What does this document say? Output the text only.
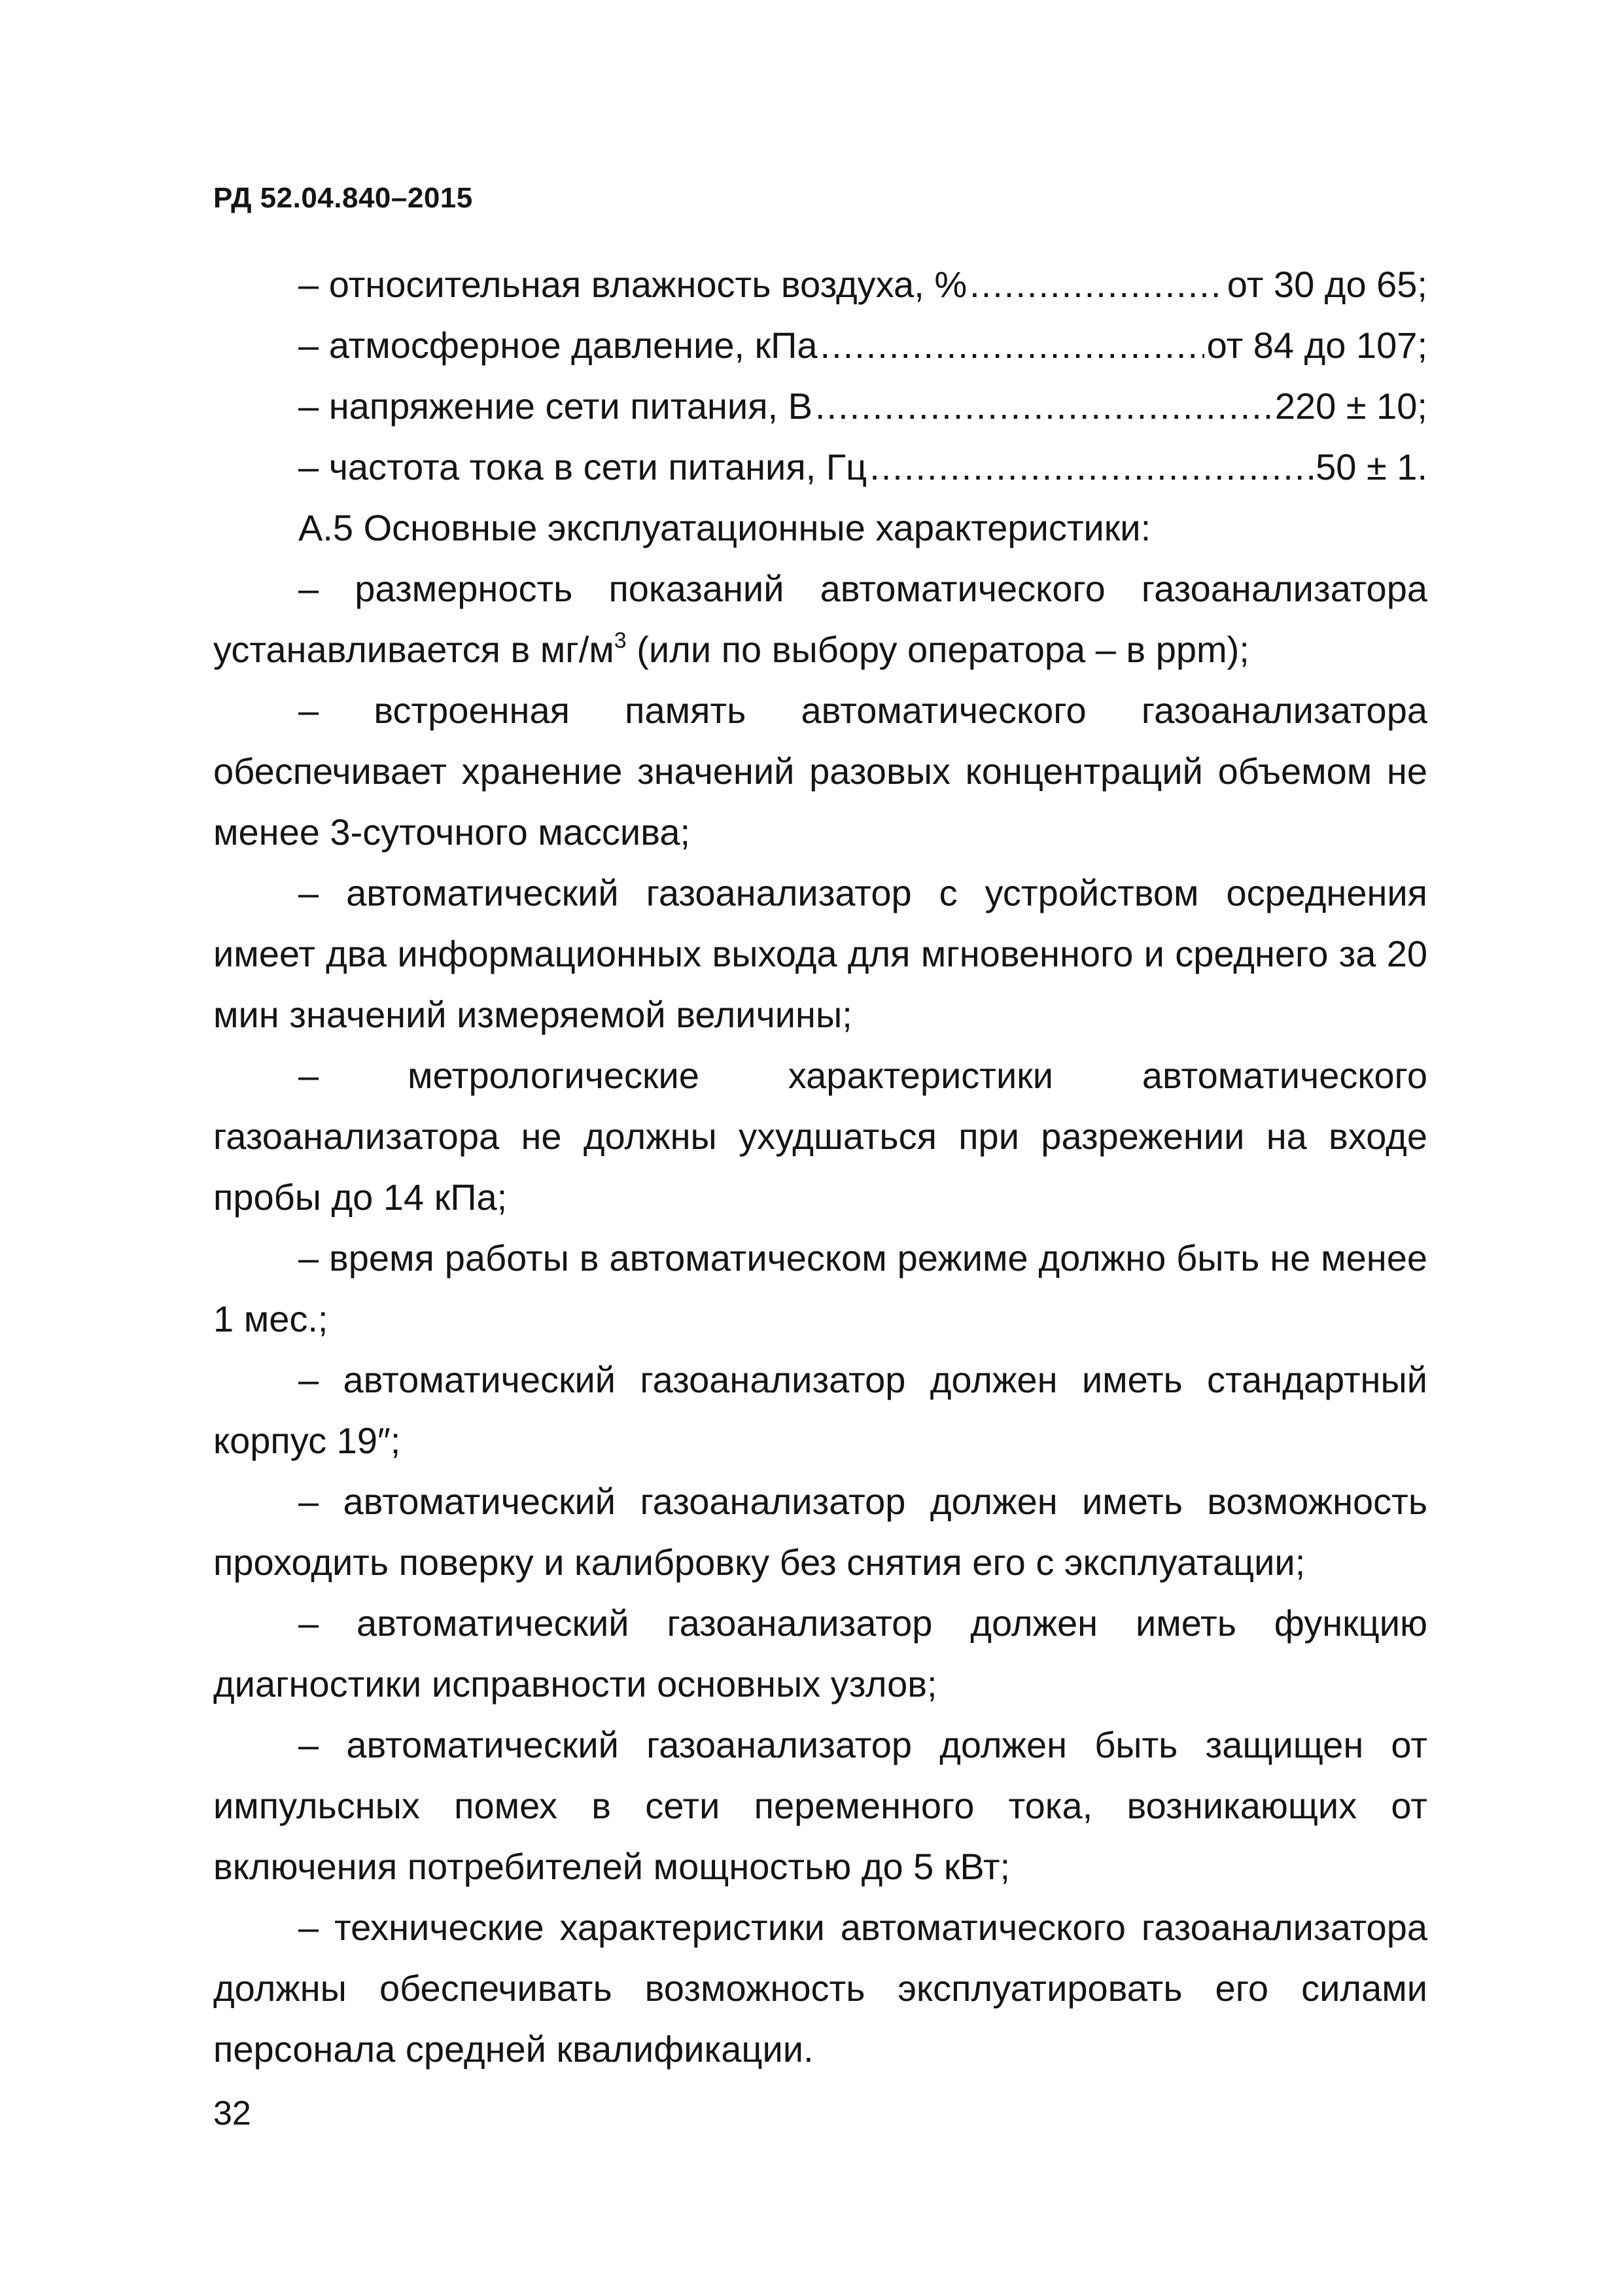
РД 52.04.840–2015
– относительная влажность воздуха, % .....	от 30 до 65;
– атмосферное давление, кПа .....	от 84 до 107;
– напряжение сети питания, В .....	220 ± 10;
– частота тока в сети питания, Гц .....	50 ± 1.
А.5 Основные эксплуатационные характеристики:
– размерность показаний автоматического газоанализатора устанавливается в $мг/м^3$ (или по выбору оператора – в ppm);
– встроенная память автоматического газоанализатора обеспечивает хранение значений разовых концентраций объемом не менее 3-суточного массива;
– автоматический газоанализатор с устройством осреднения имеет два информационных выхода для мгновенного и среднего за 20 мин значений измеряемой величины;
– метрологические характеристики автоматического газоанализатора не должны ухудшаться при разрежении на входе пробы до 14 кПа;
– время работы в автоматическом режиме должно быть не менее 1 мес.;
– автоматический газоанализатор должен иметь стандартный корпус 19″;
– автоматический газоанализатор должен иметь возможность проходить поверку и калибровку без снятия его с эксплуатации;
– автоматический газоанализатор должен иметь функцию диагностики исправности основных узлов;
– автоматический газоанализатор должен быть защищен от импульсных помех в сети переменного тока, возникающих от включения потребителей мощностью до 5 кВт;
– технические характеристики автоматического газоанализатора должны обеспечивать возможность эксплуатировать его силами персонала средней квалификации.
32
